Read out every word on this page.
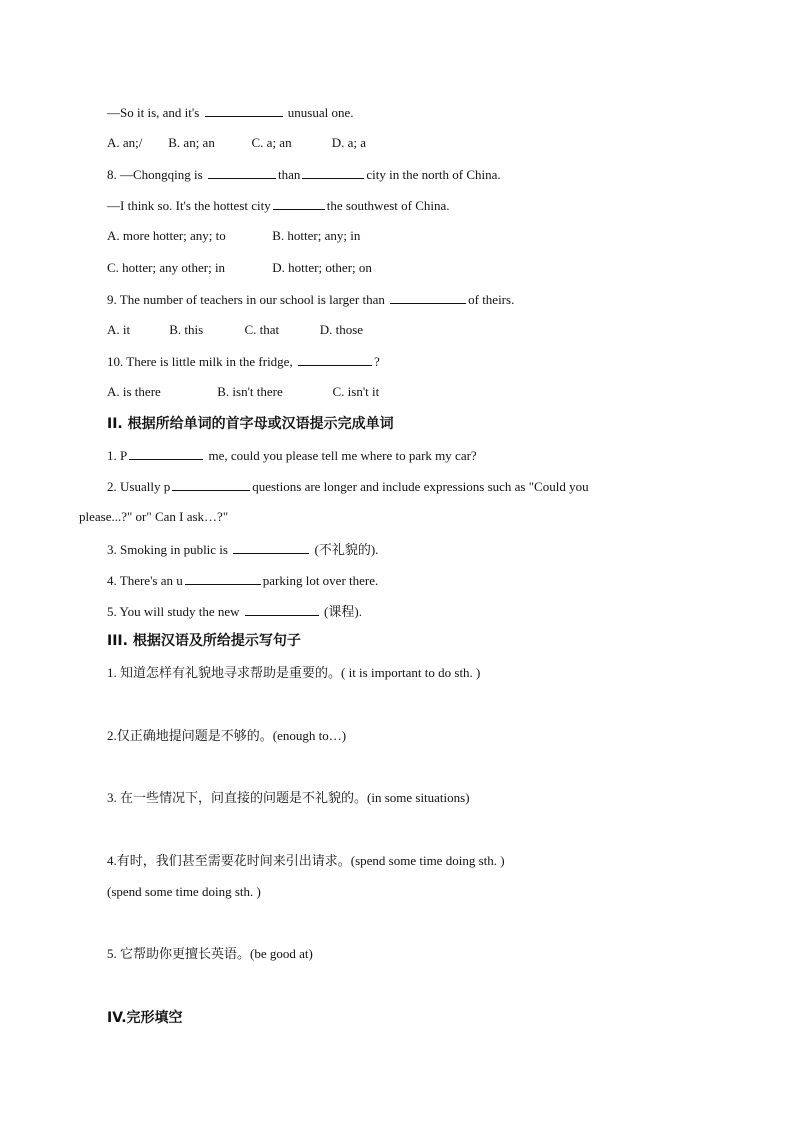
—So it is, and it's	unusual one.
A. an;/ B. an; an	C. a; an	D. a; a
8. —Chongqing is	than	city in the north of China.
—I think so. It's the hottest city	the southwest of China.
A. more hotter; any; to	B. hotter; any; in
C. hotter; any other; in	D. hotter; other; on
9. The number of teachers in our school is larger than	of theirs.
A. it	B. this	C. that	D. those
10. There is little milk in the fridge,	?
A. is there	B. isn't there	C. isn't it
II. 根据所给单词的首字母或汉语提示完成单词
1. P	me, could you please tell me where to park my car?
2. Usually p	questions are longer and include expressions such as "Could you
please...?" or" Can I ask…?"
3. Smoking in public is	(不礼貌的).
4. There's an u	parking lot over there.
5. You will study the new	(课程).
III. 根据汉语及所给提示写句子
1. 知道怎样有礼貌地寻求帮助是重要的。( it is important to do sth. )
2.仅正确地提问题是不够的。(enough to…)
3. 在一些情况下，问直接的问题是不礼貌的。(in some situations)
4.有时，我们甚至需要花时间来引出请求。(spend some time doing sth. )
(spend some time doing sth. )
5. 它帮助你更擅长英语。(be good at)
IV.完形填空
